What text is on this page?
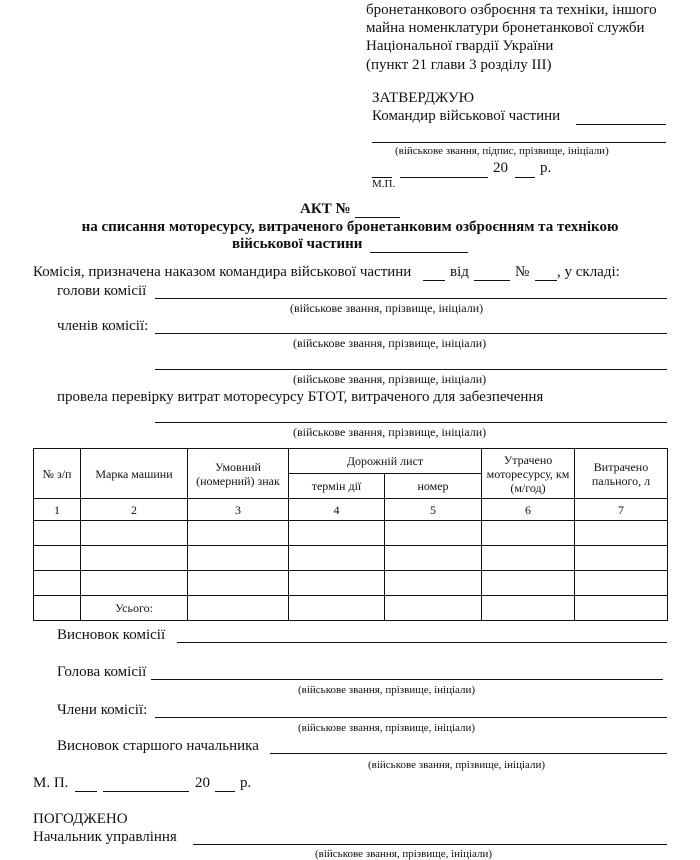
бронетанкового озброєння та техніки, іншого
майна номенклатури бронетанкової служби
Національної гвардії України
(пункт 21 глави 3 розділу III)
ЗАТВЕРДЖУЮ
Командир військової частини
(військове звання, підпис, прізвище, ініціали)
20 р.
М.П.
АКТ №
на списання моторесурсу, витраченого бронетанковим озброєнням та технікою
військової частини
Комісія, призначена наказом командира військової частини	від	№ , у складі:
голови комісії
(військове звання, прізвище, ініціали)
членів комісії:
(військове звання, прізвище, ініціали)
(військове звання, прізвище, ініціали)
провела перевірку витрат моторесурсу БТОТ, витраченого для забезпечення
(військове звання, прізвище, ініціали)
№ з/п	Марка машини	Умовний (номерний) знак	Дорожній лист		Утрачено моторесурсу, км (м/год)	Витрачено пального, л
			термін дії	номер		
1	2	3	4	5	6	7

	Усього:					
Висновок комісії
Голова комісії
(військове звання, прізвище, ініціали)
Члени комісії:
(військове звання, прізвище, ініціали)
Висновок старшого начальника
(військове звання, прізвище, ініціали)
М. П.	20 р.
ПОГОДЖЕНО
Начальник управління
(військове звання, прізвище, ініціали)
